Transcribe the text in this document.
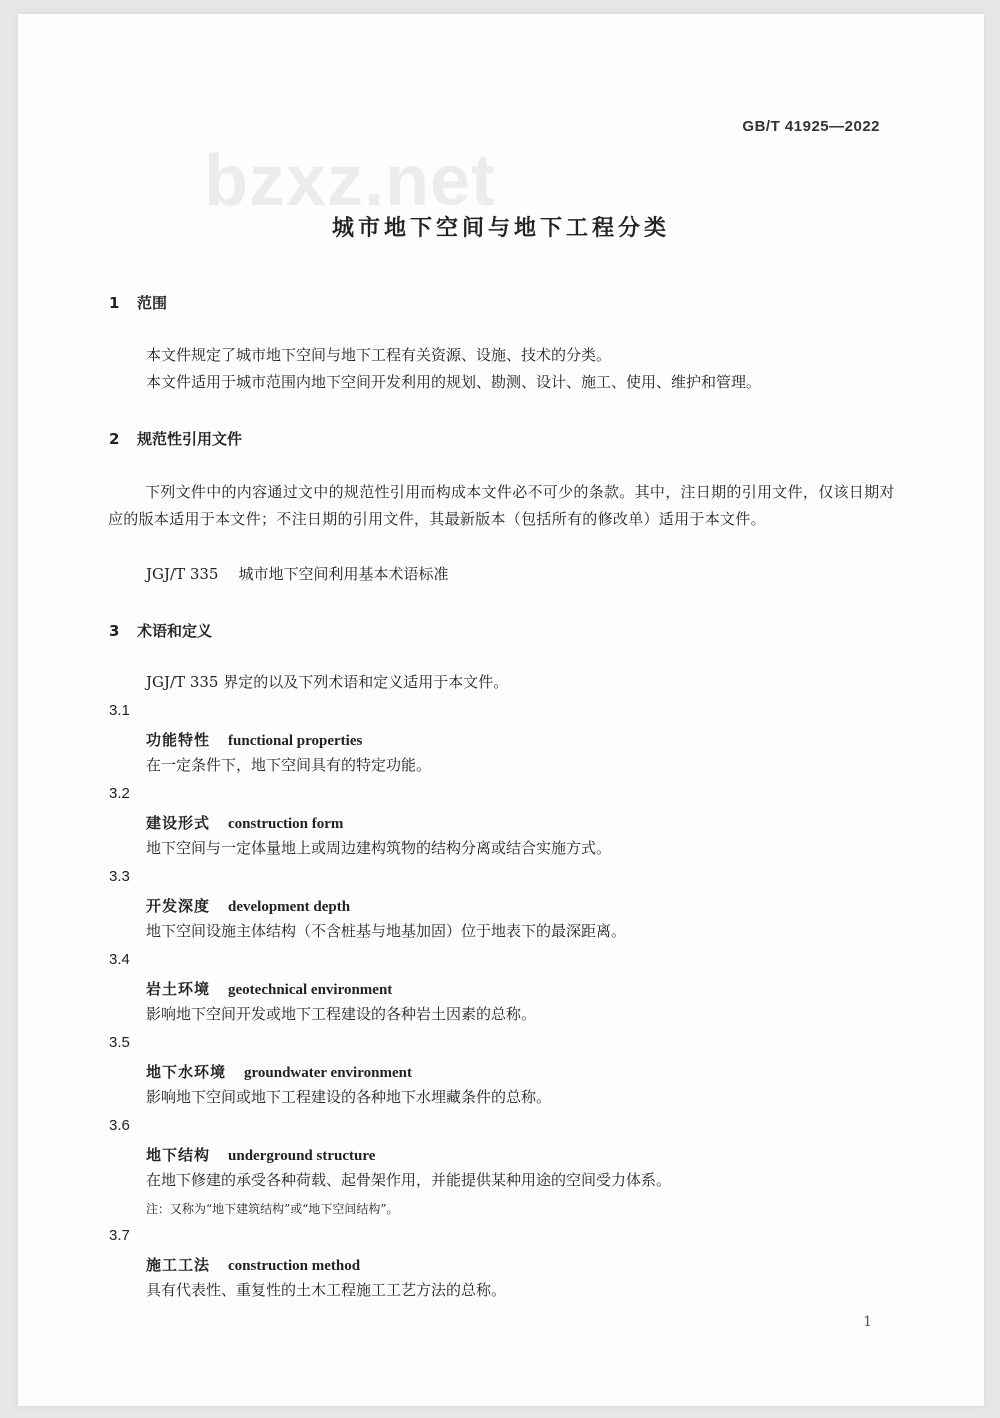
GB/T 41925—2022
bzxz.net
城市地下空间与地下工程分类
1 范围
本文件规定了城市地下空间与地下工程有关资源、设施、技术的分类。
本文件适用于城市范围内地下空间开发利用的规划、勘测、设计、施工、使用、维护和管理。
2 规范性引用文件
下列文件中的内容通过文中的规范性引用而构成本文件必不可少的条款。其中，注日期的引用文件，仅该日期对应的版本适用于本文件；不注日期的引用文件，其最新版本（包括所有的修改单）适用于本文件。
JGJ/T 335 城市地下空间利用基本术语标准
3 术语和定义
JGJ/T 335 界定的以及下列术语和定义适用于本文件。
3.1
功能特性 functional properties
在一定条件下，地下空间具有的特定功能。
3.2
建设形式 construction form
地下空间与一定体量地上或周边建构筑物的结构分离或结合实施方式。
3.3
开发深度 development depth
地下空间设施主体结构（不含桩基与地基加固）位于地表下的最深距离。
3.4
岩土环境 geotechnical environment
影响地下空间开发或地下工程建设的各种岩土因素的总称。
3.5
地下水环境 groundwater environment
影响地下空间或地下工程建设的各种地下水埋藏条件的总称。
3.6
地下结构 underground structure
在地下修建的承受各种荷载、起骨架作用，并能提供某种用途的空间受力体系。
注：又称为“地下建筑结构”或“地下空间结构”。
3.7
施工工法 construction method
具有代表性、重复性的土木工程施工工艺方法的总称。
1
